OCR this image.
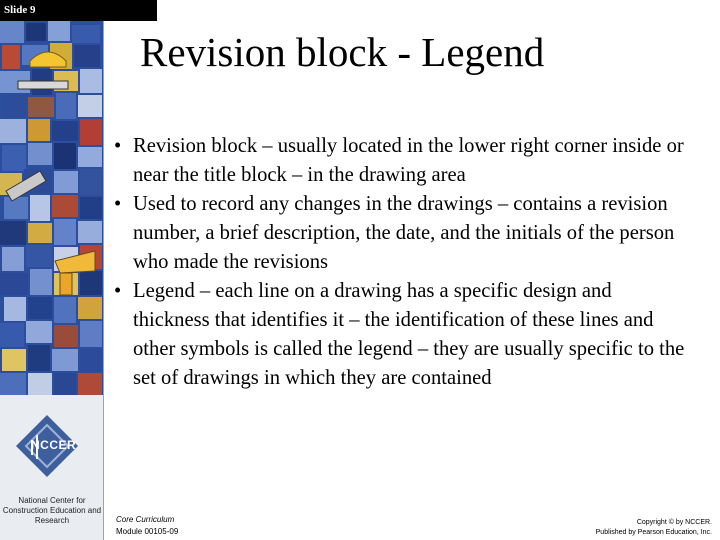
Slide 9
NCCER
National Center for Construction Education and Research
Revision block - Legend
• Revision block – usually located in the lower right corner inside or near the title block – in the drawing area
• Used to record any changes in the drawings – contains a revision number, a brief description, the date, and the initials of the person who made the revisions
• Legend – each line on a drawing has a specific design and thickness that identifies it – the identification of these lines and other symbols is called the legend – they are usually specific to the set of drawings in which they are contained
Core Curriculum
Module 00105-09
Copyright © by NCCER.
Published by Pearson Education, Inc.
